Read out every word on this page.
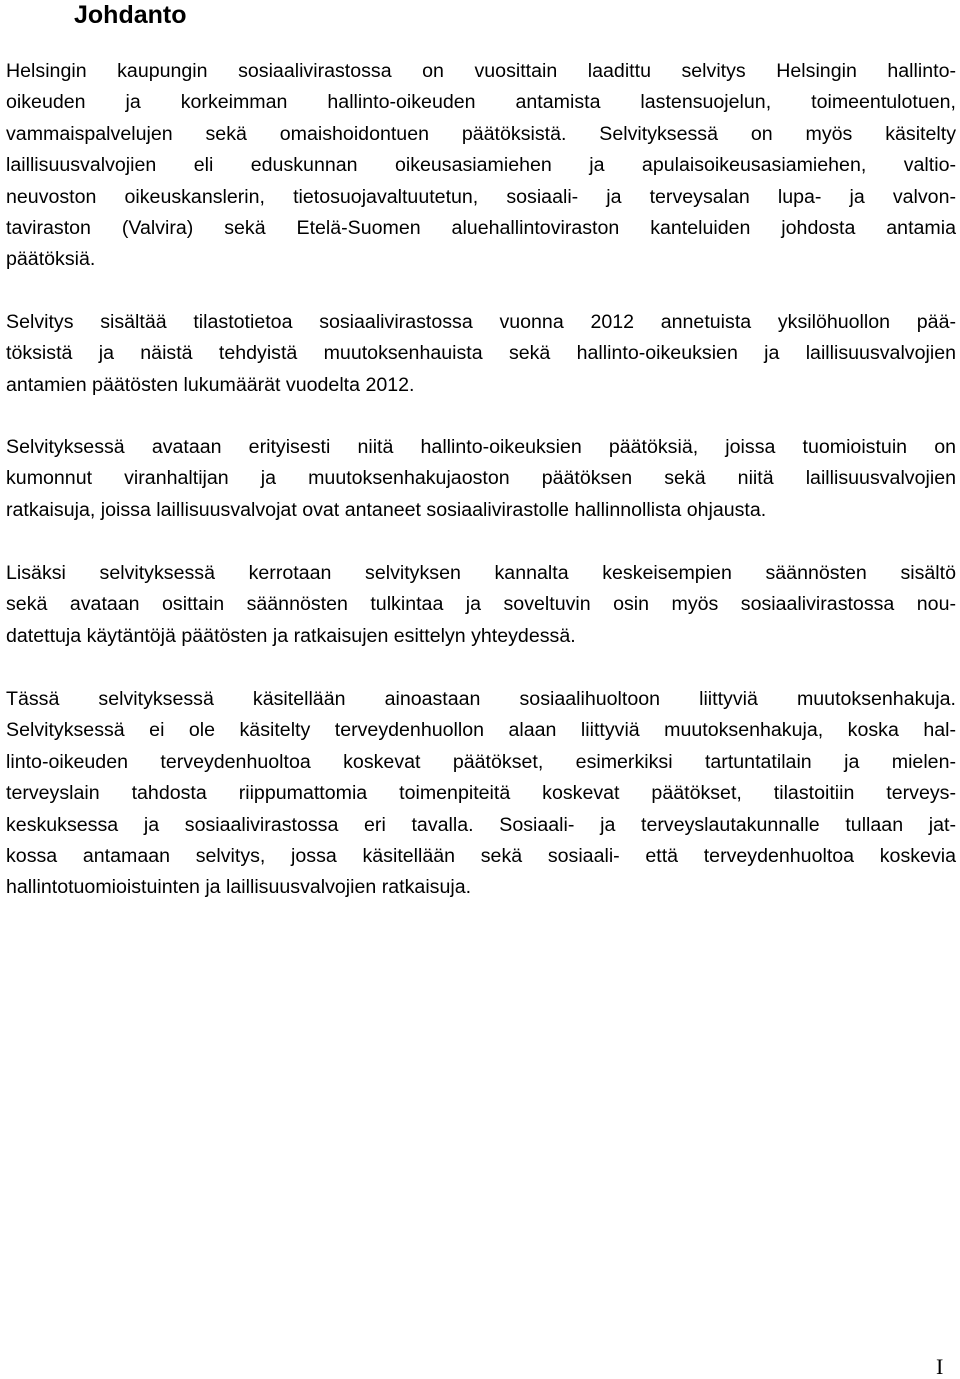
Johdanto
Helsingin kaupungin sosiaalivirastossa on vuosittain laadittu selvitys Helsingin hallinto-
oikeuden ja korkeimman hallinto-oikeuden antamista lastensuojelun, toimeentulotuen,
vammaispalvelujen sekä omaishoidontuen päätöksistä. Selvityksessä on myös käsitelty
laillisuusvalvojien eli eduskunnan oikeusasiamiehen ja apulaisoikeusasiamiehen, valtio-
neuvoston oikeuskanslerin, tietosuojavaltuutetun, sosiaali- ja terveysalan lupa- ja valvon-
taviraston (Valvira) sekä Etelä-Suomen aluehallintoviraston kanteluiden johdosta antamia
päätöksiä.
Selvitys sisältää tilastotietoa sosiaalivirastossa vuonna 2012 annetuista yksilöhuollon pää-
töksistä ja näistä tehdyistä muutoksenhauista sekä hallinto-oikeuksien ja laillisuusvalvojien
antamien päätösten lukumäärät vuodelta 2012.
Selvityksessä avataan erityisesti niitä hallinto-oikeuksien päätöksiä, joissa tuomioistuin on
kumonnut viranhaltijan ja muutoksenhakujaoston päätöksen sekä niitä laillisuusvalvojien
ratkaisuja, joissa laillisuusvalvojat ovat antaneet sosiaalivirastolle hallinnollista ohjausta.
Lisäksi selvityksessä kerrotaan selvityksen kannalta keskeisempien säännösten sisältö
sekä avataan osittain säännösten tulkintaa ja soveltuvin osin myös sosiaalivirastossa nou-
datettuja käytäntöjä päätösten ja ratkaisujen esittelyn yhteydessä.
Tässä selvityksessä käsitellään ainoastaan sosiaalihuoltoon liittyviä muutoksenhakuja.
Selvityksessä ei ole käsitelty terveydenhuollon alaan liittyviä muutoksenhakuja, koska hal-
linto-oikeuden terveydenhuoltoa koskevat päätökset, esimerkiksi tartuntatilain ja mielen-
terveyslain tahdosta riippumattomia toimenpiteitä koskevat päätökset, tilastoitiin terveys-
keskuksessa ja sosiaalivirastossa eri tavalla. Sosiaali- ja terveyslautakunnalle tullaan jat-
kossa antamaan selvitys, jossa käsitellään sekä sosiaali- että terveydenhuoltoa koskevia
hallintotuomioistuinten ja laillisuusvalvojien ratkaisuja.
I
